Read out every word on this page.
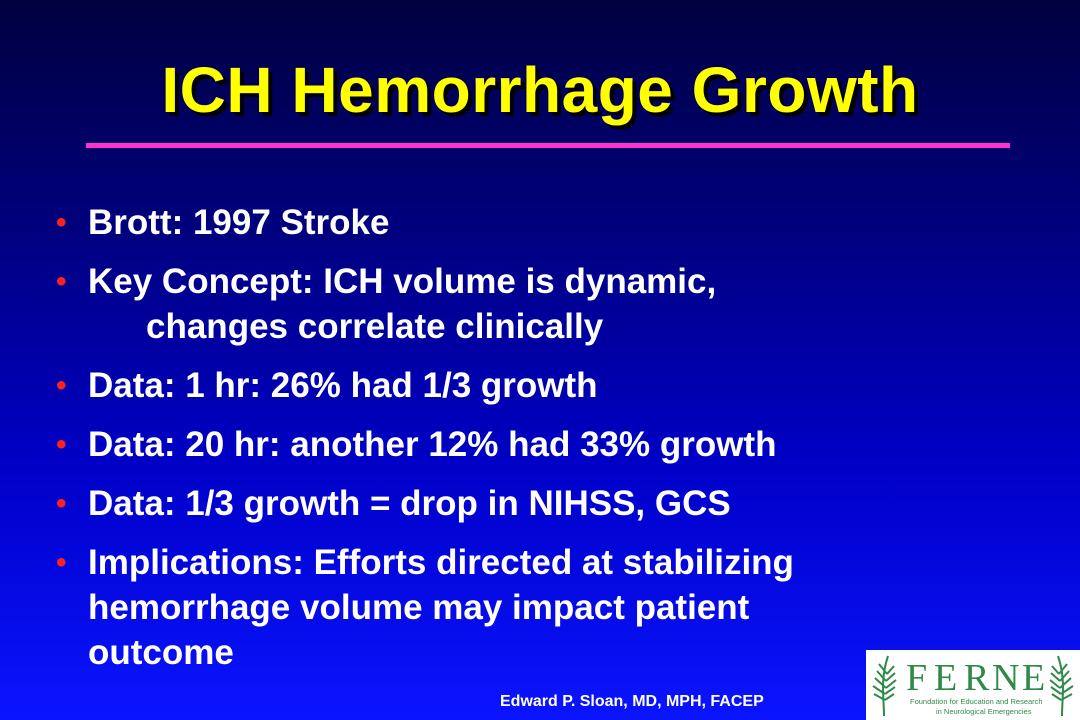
ICH Hemorrhage Growth
• Brott: 1997 Stroke
• Key Concept: ICH volume is dynamic,
changes correlate clinically
• Data: 1 hr: 26% had 1/3 growth
• Data: 20 hr: another 12% had 33% growth
• Data: 1/3 growth = drop in NIHSS, GCS
• Implications: Efforts directed at stabilizing
hemorrhage volume may impact patient
outcome
Edward P. Sloan, MD, MPH, FACEP
F E R N E
Foundation for Education and Research
in Neurological Emergencies
